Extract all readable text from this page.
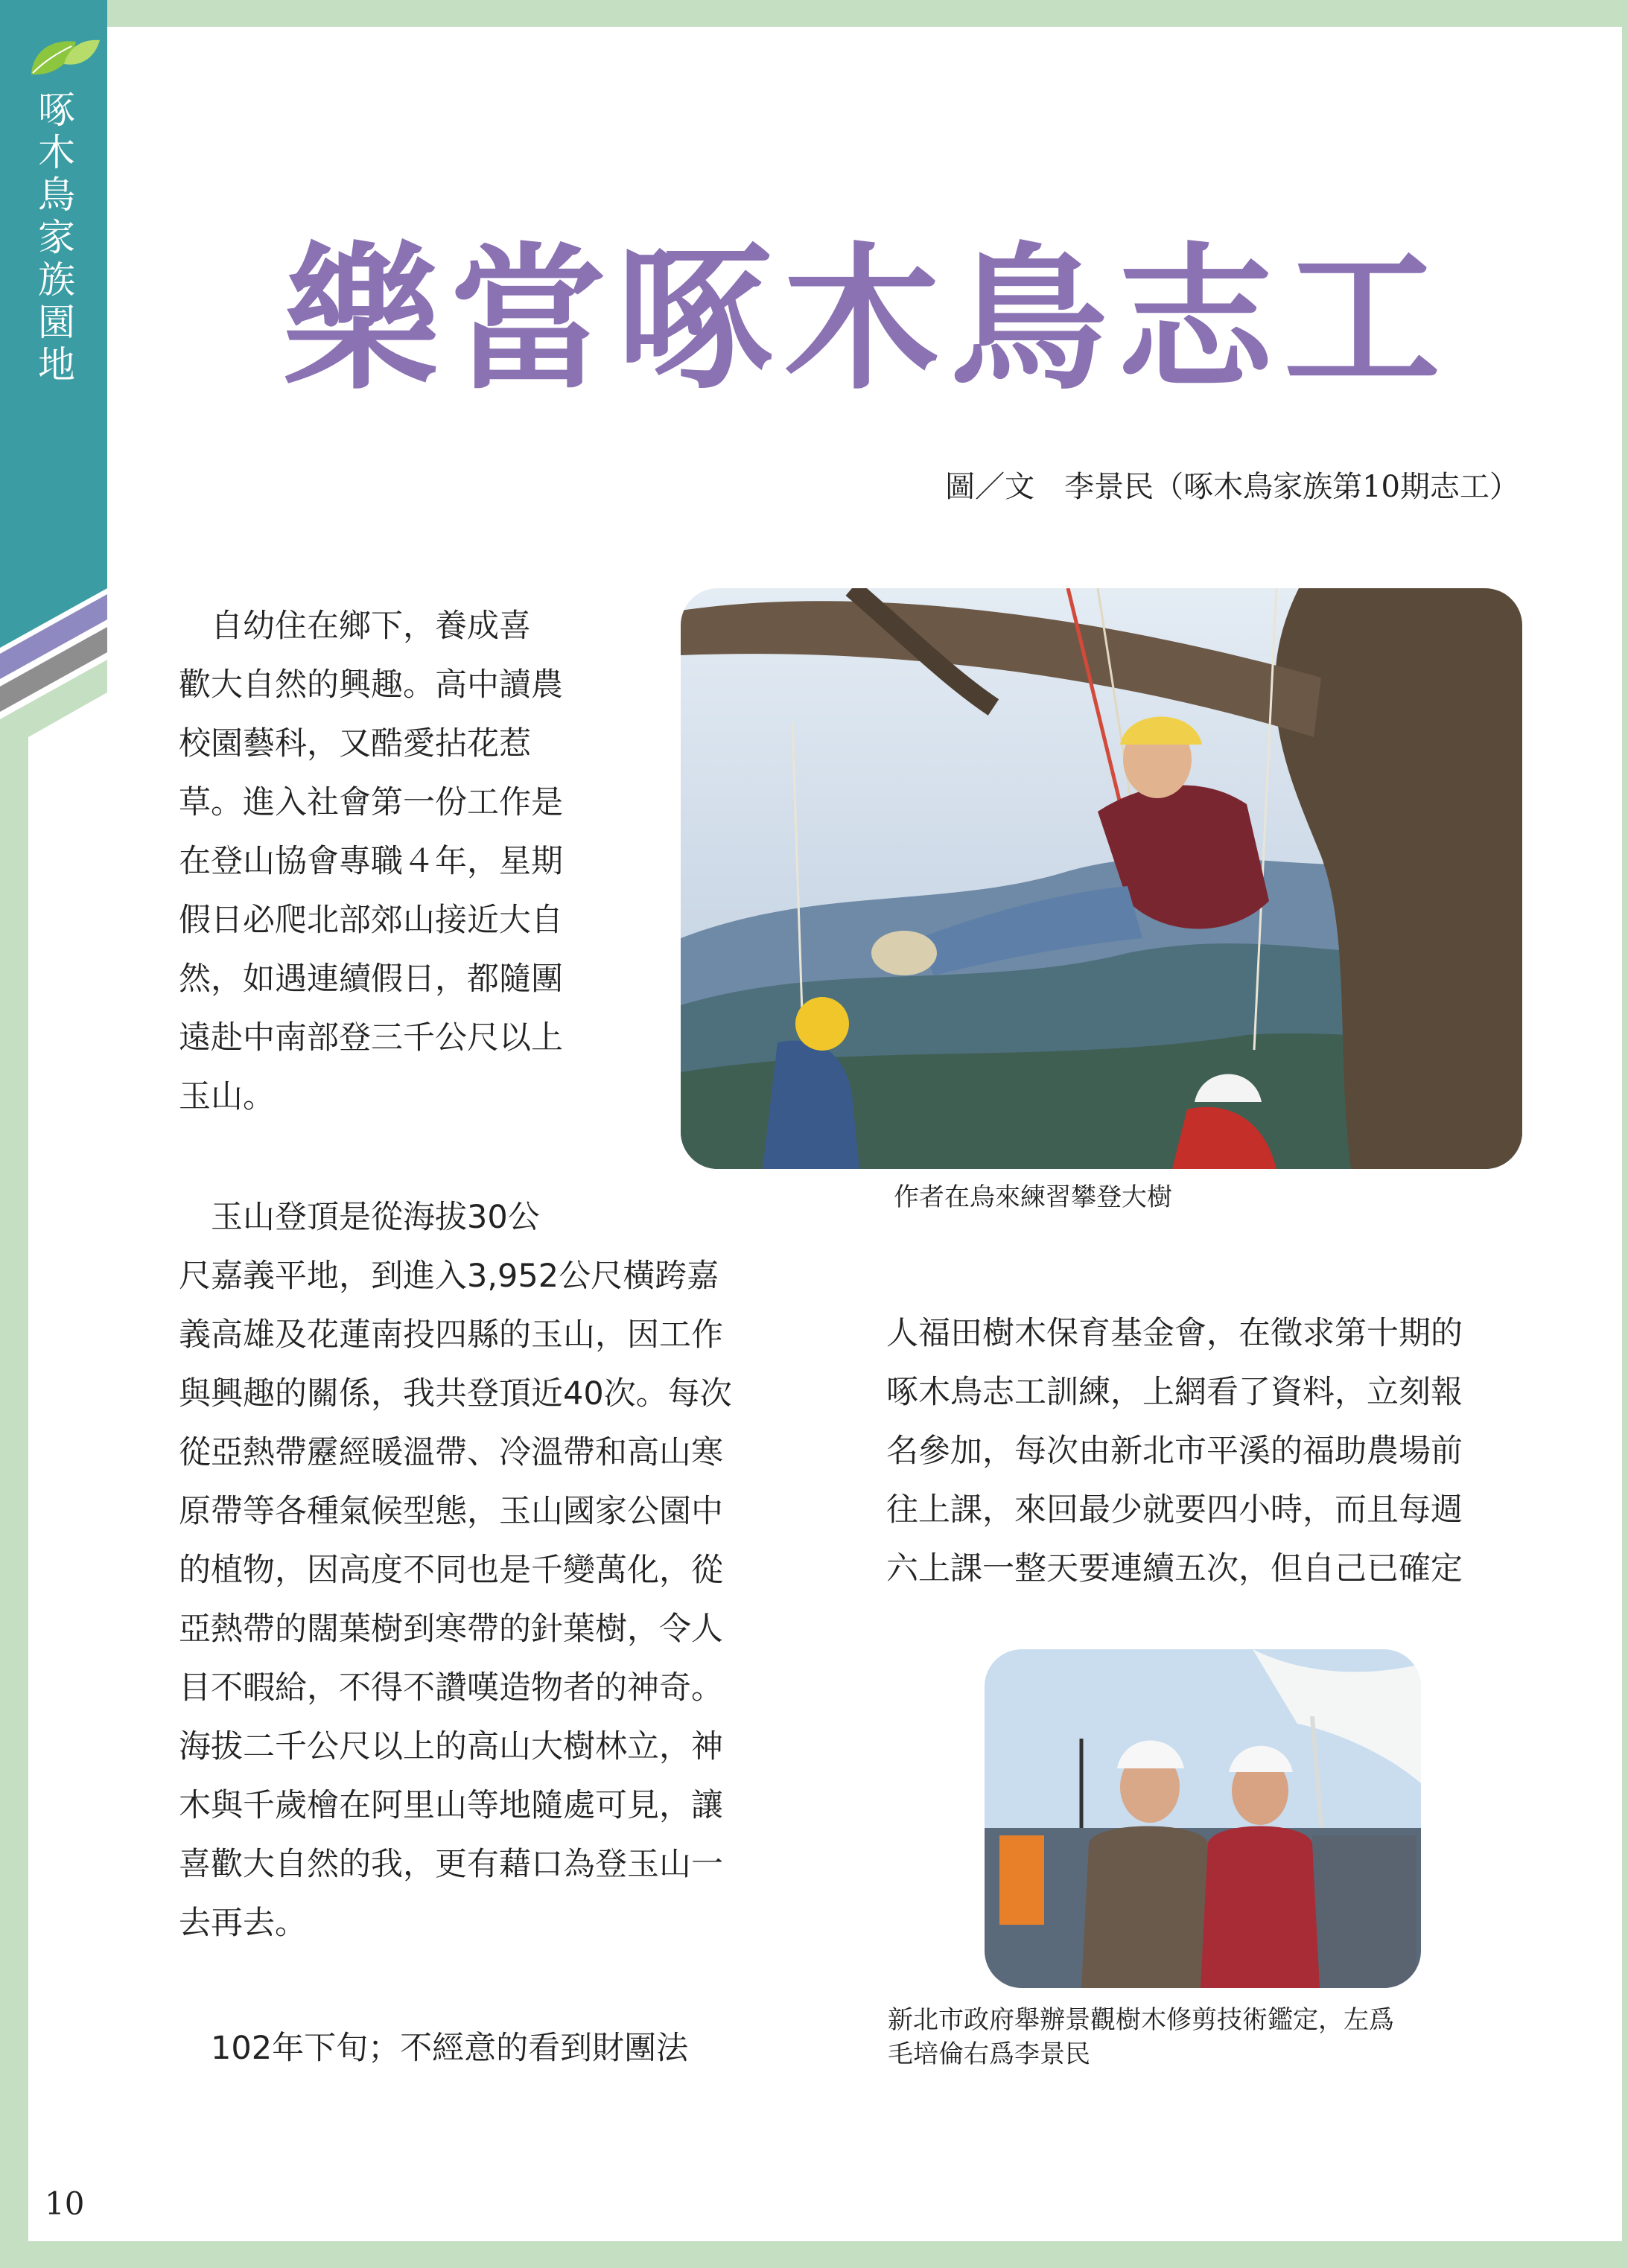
啄
木
鳥
家
族
園
地 樂當啄木鳥志工
圖／文　李景民（啄木鳥家族第10期志工）
　自幼住在鄉下，養成喜
歡大自然的興趣。高中讀農
校園藝科，又酷愛拈花惹
草。進入社會第一份工作是
在登山協會專職４年，星期
假日必爬北部郊山接近大自
然，如遇連續假日，都隨團
遠赴中南部登三千公尺以上
玉山。
　玉山登頂是從海拔30公
尺嘉義平地，到進入3,952公尺橫跨嘉
義高雄及花蓮南投四縣的玉山，因工作
與興趣的關係，我共登頂近40次。每次
從亞熱帶靂經暖溫帶、冷溫帶和高山寒
原帶等各種氣候型態，玉山國家公園中
的植物，因高度不同也是千變萬化，從
亞熱帶的闊葉樹到寒帶的針葉樹，令人
目不暇給，不得不讚嘆造物者的神奇。
海拔二千公尺以上的高山大樹林立，神
木與千歲檜在阿里山等地隨處可見，讓
喜歡大自然的我，更有藉口為登玉山一
去再去。
　102年下旬；不經意的看到財團法
人福田樹木保育基金會，在徵求第十期的
啄木鳥志工訓練，上網看了資料，立刻報
名參加，每次由新北市平溪的福助農場前
往上課，來回最少就要四小時，而且每週
六上課一整天要連續五次，但自己已確定
作者在烏來練習攀登大樹
新北市政府舉辦景觀樹木修剪技術鑑定，左爲
毛培倫右爲李景民
10
